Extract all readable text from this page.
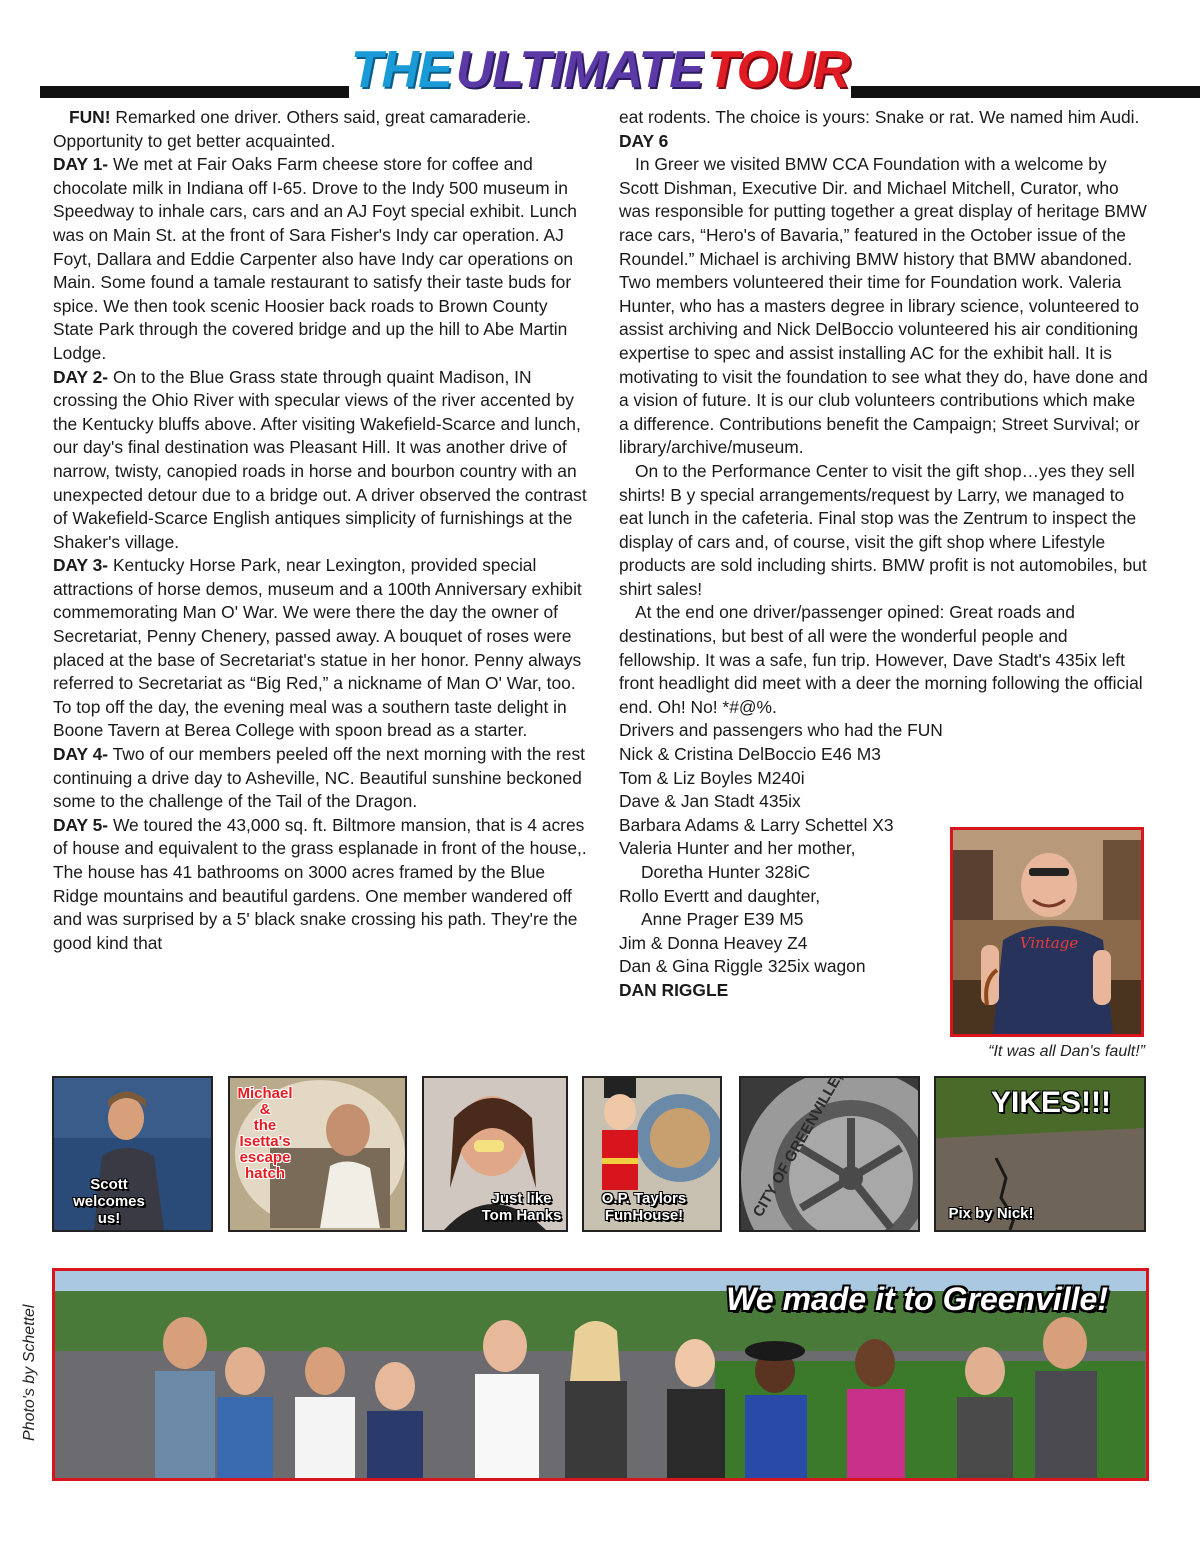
THEULTIMATETOUR

FUN! Remarked one driver. Others said, great camaraderie. Opportunity to get better acquainted.

DAY 1- We met at Fair Oaks Farm cheese store for coffee and chocolate milk in Indiana off I-65. Drove to the Indy 500 museum in Speedway to inhale cars, cars and an AJ Foyt special exhibit. Lunch was on Main St. at the front of Sara Fisher's Indy car operation. AJ Foyt, Dallara and Eddie Carpenter also have Indy car operations on Main. Some found a tamale restaurant to satisfy their taste buds for spice. We then took scenic Hoosier back roads to Brown County State Park through the covered bridge and up the hill to Abe Martin Lodge.

DAY 2- On to the Blue Grass state through quaint Madison, IN crossing the Ohio River with specular views of the river accented by the Kentucky bluffs above. After visiting Wakefield-Scarce and lunch, our day's final destination was Pleasant Hill. It was another drive of narrow, twisty, canopied roads in horse and bourbon country with an unexpected detour due to a bridge out. A driver observed the contrast of Wakefield-Scarce English antiques simplicity of furnishings at the Shaker's village.

DAY 3- Kentucky Horse Park, near Lexington, provided special attractions of horse demos, museum and a 100th Anniversary exhibit commemorating Man O' War. We were there the day the owner of Secretariat, Penny Chenery, passed away. A bouquet of roses were placed at the base of Secretariat's statue in her honor. Penny always referred to Secretariat as “Big Red,” a nickname of Man O' War, too. To top off the day, the evening meal was a southern taste delight in Boone Tavern at Berea College with spoon bread as a starter.

DAY 4- Two of our members peeled off the next morning with the rest continuing a drive day to Asheville, NC. Beautiful sunshine beckoned some to the challenge of the Tail of the Dragon.

DAY 5- We toured the 43,000 sq. ft. Biltmore mansion, that is 4 acres of house and equivalent to the grass esplanade in front of the house,. The house has 41 bathrooms on 3000 acres framed by the Blue Ridge mountains and beautiful gardens. One member wandered off and was surprised by a 5' black snake crossing his path. They're the good kind that

eat rodents. The choice is yours: Snake or rat. We named him Audi.

DAY 6

In Greer we visited BMW CCA Foundation with a welcome by Scott Dishman, Executive Dir. and Michael Mitchell, Curator, who was responsible for putting together a great display of heritage BMW race cars, “Hero's of Bavaria,” featured in the October issue of the Roundel.” Michael is archiving BMW history that BMW abandoned. Two members volunteered their time for Foundation work. Valeria Hunter, who has a masters degree in library science, volunteered to assist archiving and Nick DelBoccio volunteered his air conditioning expertise to spec and assist installing AC for the exhibit hall. It is motivating to visit the foundation to see what they do, have done and a vision of future. It is our club volunteers contributions which make a difference. Contributions benefit the Campaign; Street Survival; or library/archive/museum.

On to the Performance Center to visit the gift shop…yes they sell shirts! B y special arrangements/request by Larry, we managed to eat lunch in the cafeteria. Final stop was the Zentrum to inspect the display of cars and, of course, visit the gift shop where Lifestyle products are sold including shirts. BMW profit is not automobiles, but shirt sales!

At the end one driver/passenger opined: Great roads and destinations, but best of all were the wonderful people and fellowship. It was a safe, fun trip. However, Dave Stadt's 435ix left front headlight did meet with a deer the morning following the official end. Oh! No! *#@%.

Drivers and passengers who had the FUN

Nick & Cristina DelBoccio E46 M3

Tom & Liz Boyles M240i

Dave & Jan Stadt 435ix

Barbara Adams & Larry Schettel X3

Valeria Hunter and her mother,

Doretha Hunter 328iC

Rollo Evertt and daughter,

Anne Prager E39 M5

Jim & Donna Heavey Z4

Dan & Gina Riggle 325ix wagon

DAN RIGGLE

Vintage
“It was all Dan's fault!”
Scott
welcomes
us!
Michael
&
the
Isetta's
escape
hatch
Just like
Tom Hanks
O.P. Taylors
FunHouse!	CITY OF GREENVILLE,	YIKES!!!
Pix by Nick!
Photo's by Schettel
We made it to Greenville!
